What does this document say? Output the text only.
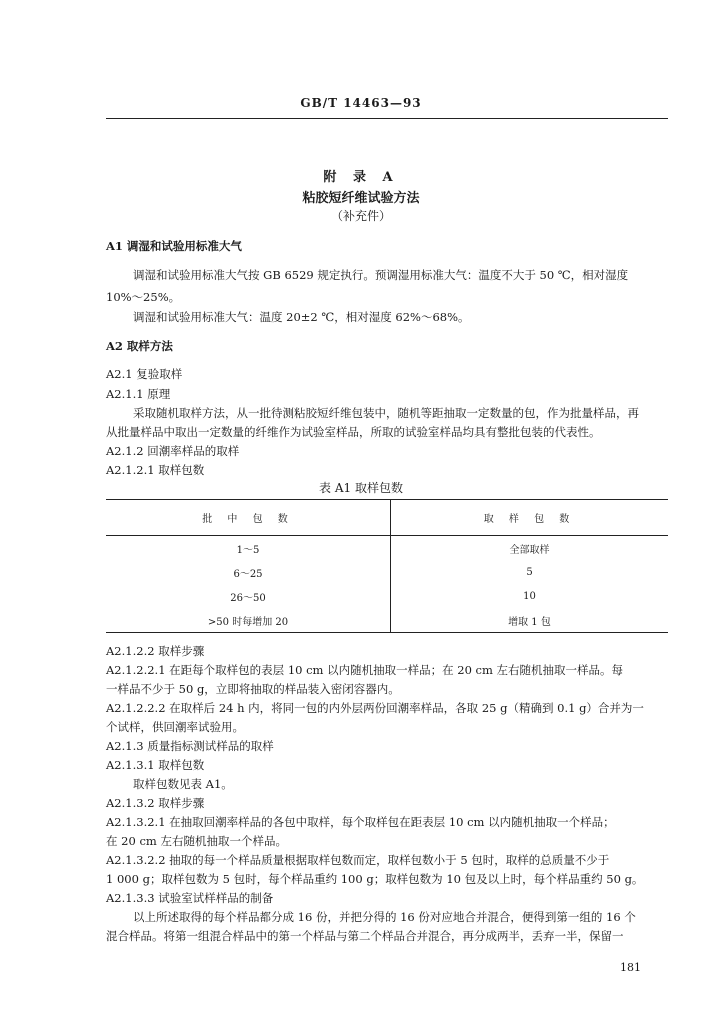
GB/T 14463—93
附 录 A
粘胶短纤维试验方法
（补充件）
A1 调湿和试验用标准大气
调湿和试验用标准大气按 GB 6529 规定执行。预调湿用标准大气：温度不大于 50 ℃，相对湿度
10%～25%。
调湿和试验用标准大气：温度 20±2 ℃，相对湿度 62%～68%。
A2 取样方法
A2.1 复验取样
A2.1.1 原理
采取随机取样方法，从一批待测粘胶短纤维包装中，随机等距抽取一定数量的包，作为批量样品，再
从批量样品中取出一定数量的纤维作为试验室样品，所取的试验室样品均具有整批包装的代表性。
A2.1.2 回潮率样品的取样
A2.1.2.1 取样包数
表 A1 取样包数
批 中 包 数	取 样 包 数
1～5	全部取样
6～25	5
26～50	10
>50 时每增加 20	增取 1 包
A2.1.2.2 取样步骤
A2.1.2.2.1 在距每个取样包的表层 10 cm 以内随机抽取一样品；在 20 cm 左右随机抽取一样品。每
一样品不少于 50 g，立即将抽取的样品装入密闭容器内。
A2.1.2.2.2 在取样后 24 h 内，将同一包的内外层两份回潮率样品，各取 25 g（精确到 0.1 g）合并为一
个试样，供回潮率试验用。
A2.1.3 质量指标测试样品的取样
A2.1.3.1 取样包数
取样包数见表 A1。
A2.1.3.2 取样步骤
A2.1.3.2.1 在抽取回潮率样品的各包中取样，每个取样包在距表层 10 cm 以内随机抽取一个样品；
在 20 cm 左右随机抽取一个样品。
A2.1.3.2.2 抽取的每一个样品质量根据取样包数而定，取样包数小于 5 包时，取样的总质量不少于
1 000 g；取样包数为 5 包时，每个样品重约 100 g；取样包数为 10 包及以上时，每个样品重约 50 g。
A2.1.3.3 试验室试样样品的制备
以上所述取得的每个样品都分成 16 份，并把分得的 16 份对应地合并混合，便得到第一组的 16 个
混合样品。将第一组混合样品中的第一个样品与第二个样品合并混合，再分成两半，丢弃一半，保留一
181
